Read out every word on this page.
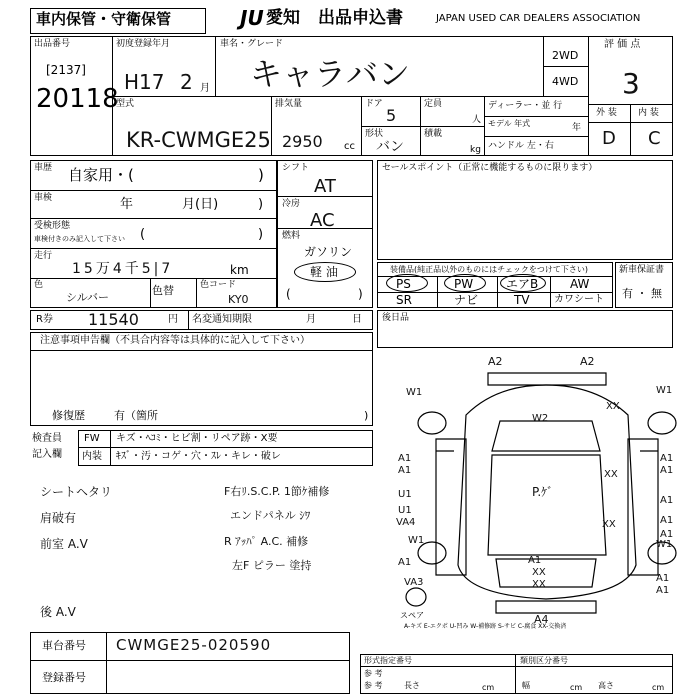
車内保管・守衛保管	JU 愛知 出品申込書	JAPAN USED CAR DEALERS ASSOCIATION
出品番号
[2137]
20118
初度登録年月
H17 2 月
車名・グレード
キャラバン	2WD
4WD
評 価 点
3
外 装 内 装
D C
型式
KR-CWMGE25
排気量
2950 cc
ドア
5
形状
バン
定員
人
積載
kg
ディーラー・並 行
モデル 年式	年
ハンドル 左・右
車歴 自家用・(	)
車検	年	月(日)	)
受検形態
車検付きのみ記入して下さい (	)
走行
15万4千5|7	km
色
シルバー
色替	色コード
KY0
シフト
AT
冷房
AC
燃料
ガソリン
軽 油
(	)
セールスポイント（正常に機能するものに限ります）
装備品(純正品以外のものにはチェックをつけて下さい)
PS	PW	エアB	AW
SR	ナビ	TV カワシート
新車保証書
有 ・ 無
R券 11540	円 名変通知期限	月	日 後日品
注意事項申告欄（不具合内容等は具体的に記入して下さい）
修復歴	有（箇所	)
検査員
記入欄
FW キズ・ﾍｺﾐ・ヒビ割・リペア跡・X要
内装 ｷｽﾞ・汚・コゲ・穴・ｽﾚ・キレ・破レ
シートヘタリ
肩破有
前室 A.V
F右ﾘ.S.C.P. 1節ｹ補修
エンドパネル ｼﾜ
R ｱｯﾊﾟ A.C. 補修
左F ピラー 塗持
後 A.V
A2	A2
W1	W1
W2
XX
A1
A1
A1
A1
U1
A1
XX
A1
U1
P.ｹﾞ
A1
A1
XX
W1
A1
VA4
VA3	A1
XX
XX
A4
A1
W1
スペア
A-キズ E-エクボ U-凹み W-補修跡 S-サビ C-腐食 XX-交換済
車台番号 CWMGE25-020590
登録番号
形式指定番号
参 考
参 考	長さ	cm
類別区分番号
幅	cm 高さ	cm
